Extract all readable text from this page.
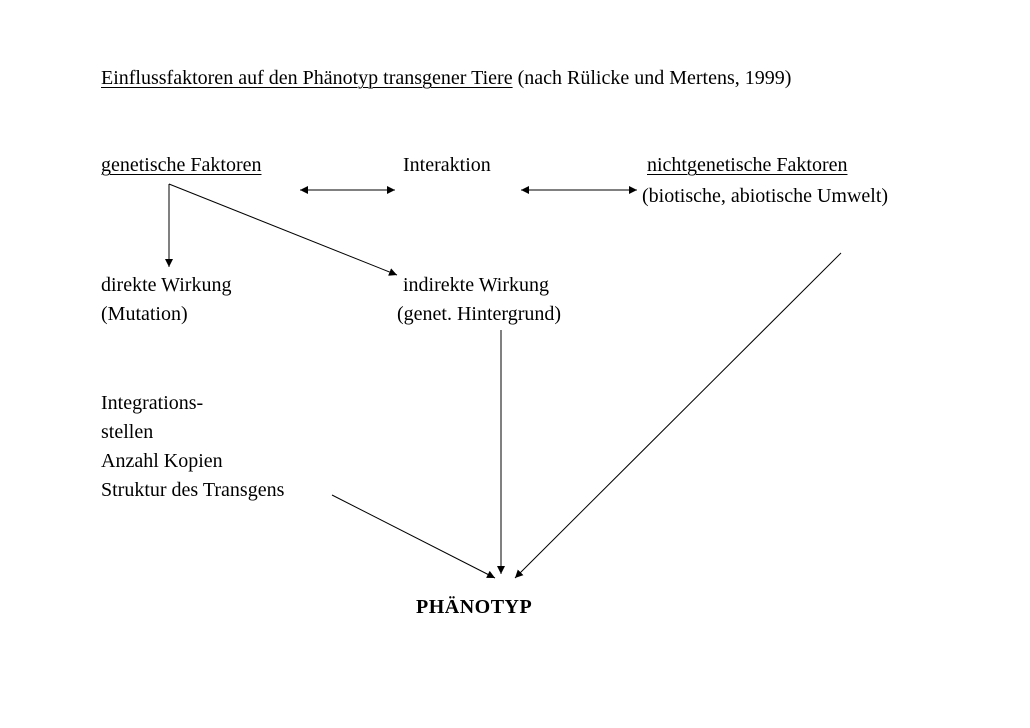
Einflussfaktoren auf den Phänotyp transgener Tiere (nach Rülicke und Mertens, 1999)
genetische Faktoren	Interaktion	nichtgenetische Faktoren
(biotische, abiotische Umwelt)
direkte Wirkung
(Mutation)
indirekte Wirkung
(genet. Hintergrund)
Integrations-
stellen
Anzahl Kopien
Struktur des Transgens
PHÄNOTYP
